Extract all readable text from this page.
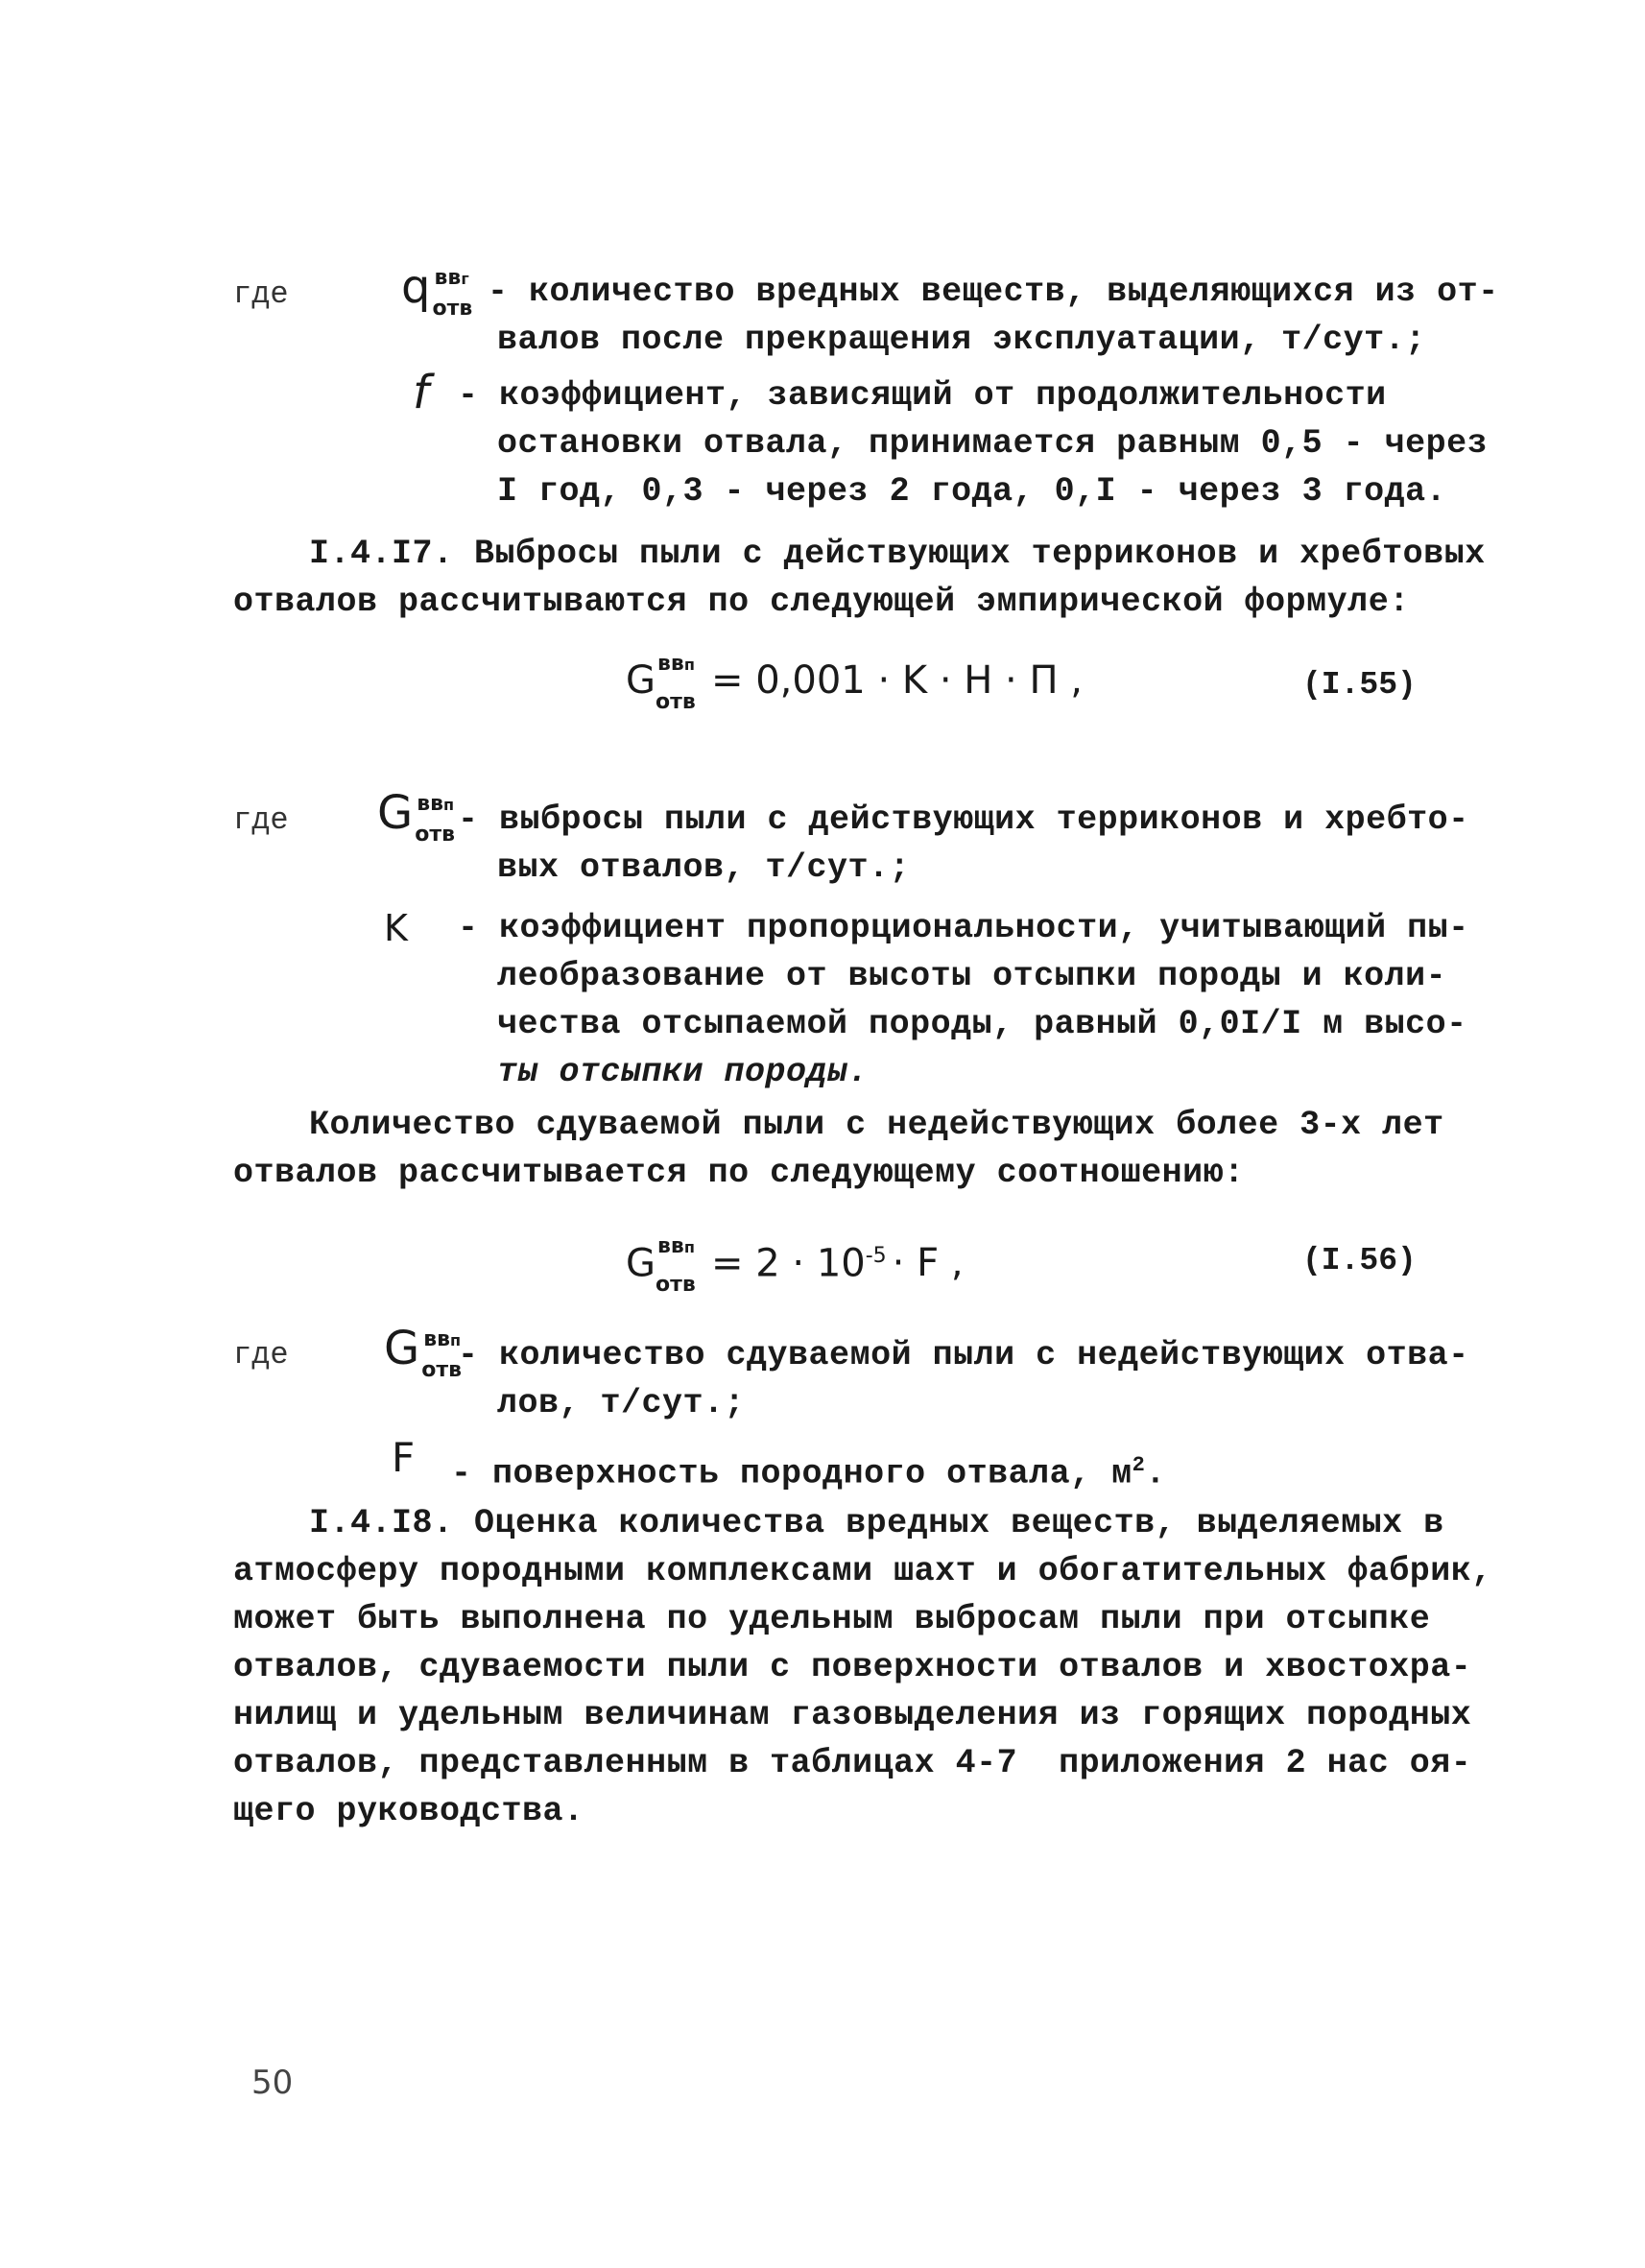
где q ввг
отв - количество вредных веществ, выделяющихся из от-
валов после прекращения эксплуатации, т/сут.;
f - коэффициент, зависящий от продолжительности
остановки отвала, принимается равным 0,5 - через
I год, 0,3 - через 2 года, 0,I - через 3 года.
I.4.I7. Выбросы пыли с действующих терриконов и хребтовых
отвалов рассчитываются по следующей эмпирической формуле:
G ввп
отв = 0,001 · K · H · П ,	(I.55)
где G ввп
отв - выбросы пыли с действующих терриконов и хребто-
вых отвалов, т/сут.;
K - коэффициент пропорциональности, учитывающий пы-
леобразование от высоты отсыпки породы и коли-
чества отсыпаемой породы, равный 0,0I/I м высо-
ты отсыпки породы.
Количество сдуваемой пыли с недействующих более 3-х лет
отвалов рассчитывается по следующему соотношению:
G ввп
отв = $2 \cdot 10^{-5} \cdot F$ ,	(I.56)
где G ввп
отв
- количество сдуваемой пыли с недействующих отва-
лов, т/сут.;
F - поверхность породного отвала, $м^2$.
I.4.I8. Оценка количества вредных веществ, выделяемых в
атмосферу породными комплексами шахт и обогатительных фабрик,
может быть выполнена по удельным выбросам пыли при отсыпке
отвалов, сдуваемости пыли с поверхности отвалов и хвостохра-
нилищ и удельным величинам газовыделения из горящих породных
отвалов, представленным в таблицах 4-7  приложения 2 нас оя-
щего руководства.
50
